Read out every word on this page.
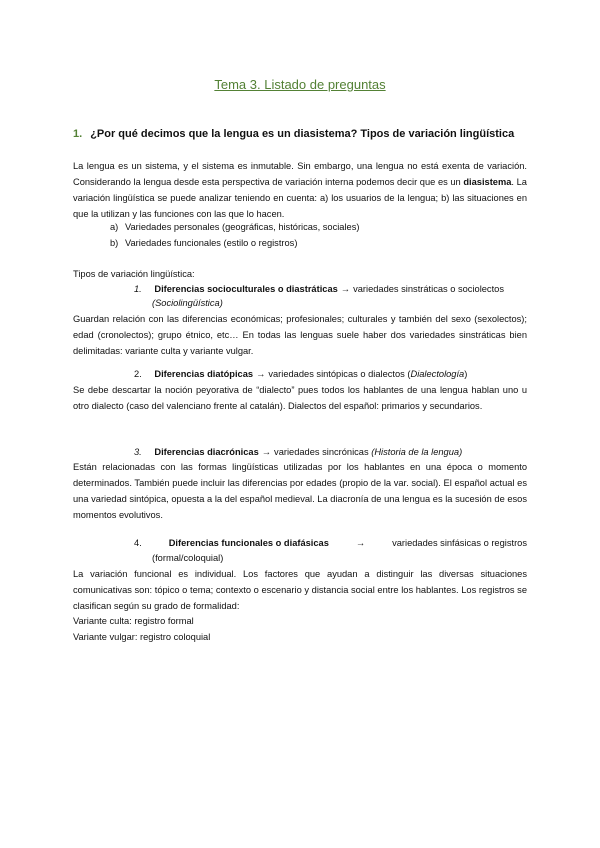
Tema 3. Listado de preguntas
1. ¿Por qué decimos que la lengua es un diasistema? Tipos de variación lingüística

La lengua es un sistema, y el sistema es inmutable. Sin embargo, una lengua no está exenta de variación. Considerando la lengua desde esta perspectiva de variación interna podemos decir que es un diasistema. La variación lingüística se puede analizar teniendo en cuenta: a) los usuarios de la lengua; b) las situaciones en que la utilizan y las funciones con las que lo hacen.

a) Variedades personales (geográficas, históricas, sociales)
b) Variedades funcionales (estilo o registros)
Tipos de variación lingüística:
1. Diferencias socioculturales o diastráticas → variedades sinstráticas o sociolectos
(Sociolingüística)

Guardan relación con las diferencias económicas; profesionales; culturales y también del sexo (sexolectos); edad (cronolectos); grupo étnico, etc… En todas las lenguas suele haber dos variedades sinstráticas bien delimitadas: variante culta y variante vulgar.

2. Diferencias diatópicas → variedades sintópicas o dialectos (Dialectología)

Se debe descartar la noción peyorativa de “dialecto” pues todos los hablantes de una lengua hablan uno u otro dialecto (caso del valenciano frente al catalán). Dialectos del español: primarios y secundarios.

3. Diferencias diacrónicas → variedades sincrónicas (Historia de la lengua)

Están relacionadas con las formas lingüísticas utilizadas por los hablantes en una época o momento determinados. También puede incluir las diferencias por edades (propio de la var. social). El español actual es una variedad sintópica, opuesta a la del español medieval. La diacronía de una lengua es la sucesión de esos momentos evolutivos.

4.	Diferencias funcionales o diafásicas	→	variedades sinfásicas o registros
(formal/coloquial)

La variación funcional es individual. Los factores que ayudan a distinguir las diversas situaciones comunicativas son: tópico o tema; contexto o escenario y distancia social entre los hablantes. Los registros se clasifican según su grado de formalidad:

Variante culta: registro formal
Variante vulgar: registro coloquial
